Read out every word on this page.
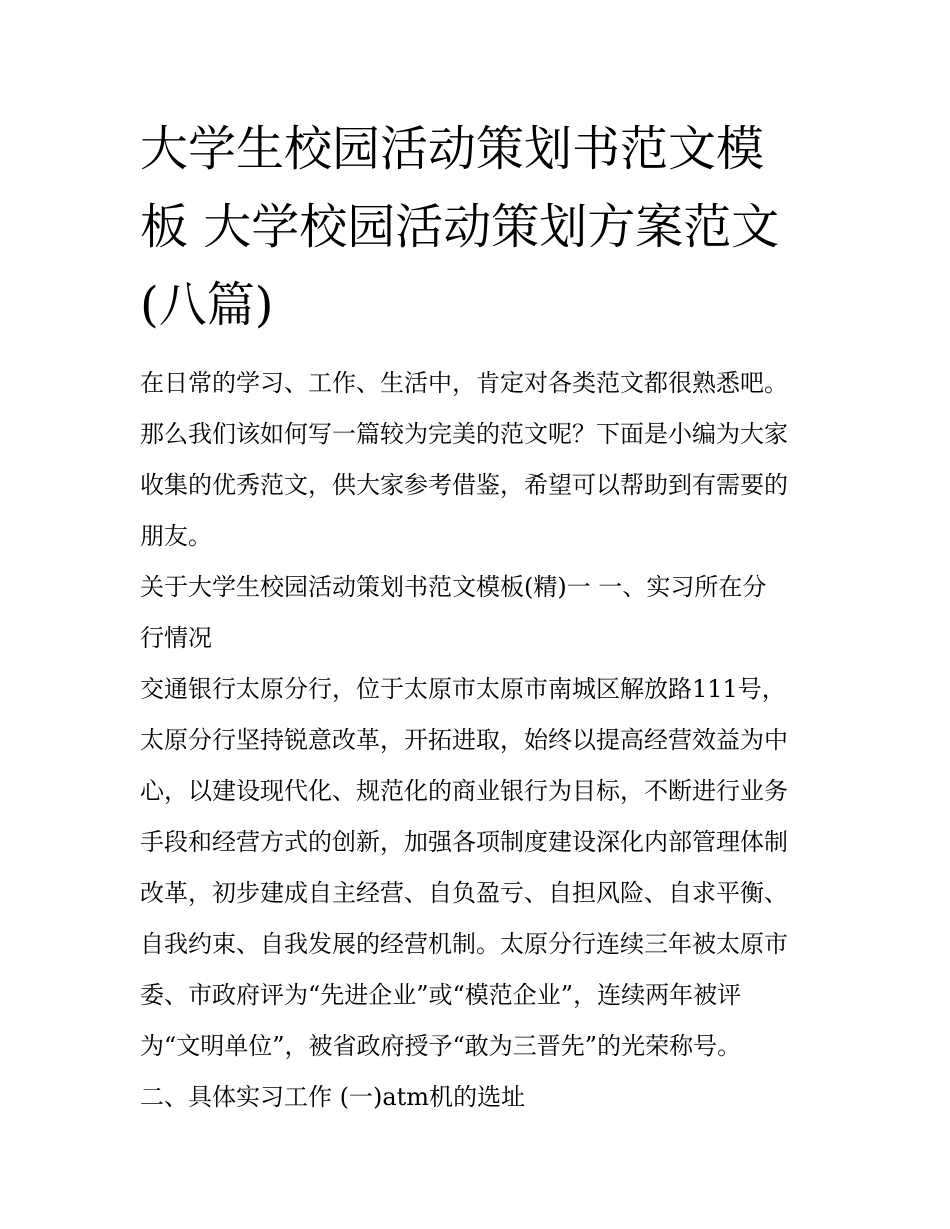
大学生校园活动策划书范文模
板 大学校园活动策划方案范文
(八篇)
在日常的学习、工作、生活中，肯定对各类范文都很熟悉吧。
那么我们该如何写一篇较为完美的范文呢？下面是小编为大家
收集的优秀范文，供大家参考借鉴，希望可以帮助到有需要的
朋友。
关于大学生校园活动策划书范文模板(精)一 一、实习所在分
行情况
交通银行太原分行，位于太原市太原市南城区解放路111号，
太原分行坚持锐意改革，开拓进取，始终以提高经营效益为中
心，以建设现代化、规范化的商业银行为目标，不断进行业务
手段和经营方式的创新，加强各项制度建设深化内部管理体制
改革，初步建成自主经营、自负盈亏、自担风险、自求平衡、
自我约束、自我发展的经营机制。太原分行连续三年被太原市
委、市政府评为“先进企业”或“模范企业”，连续两年被评
为“文明单位”，被省政府授予“敢为三晋先”的光荣称号。
二、具体实习工作 (一)atm机的选址
